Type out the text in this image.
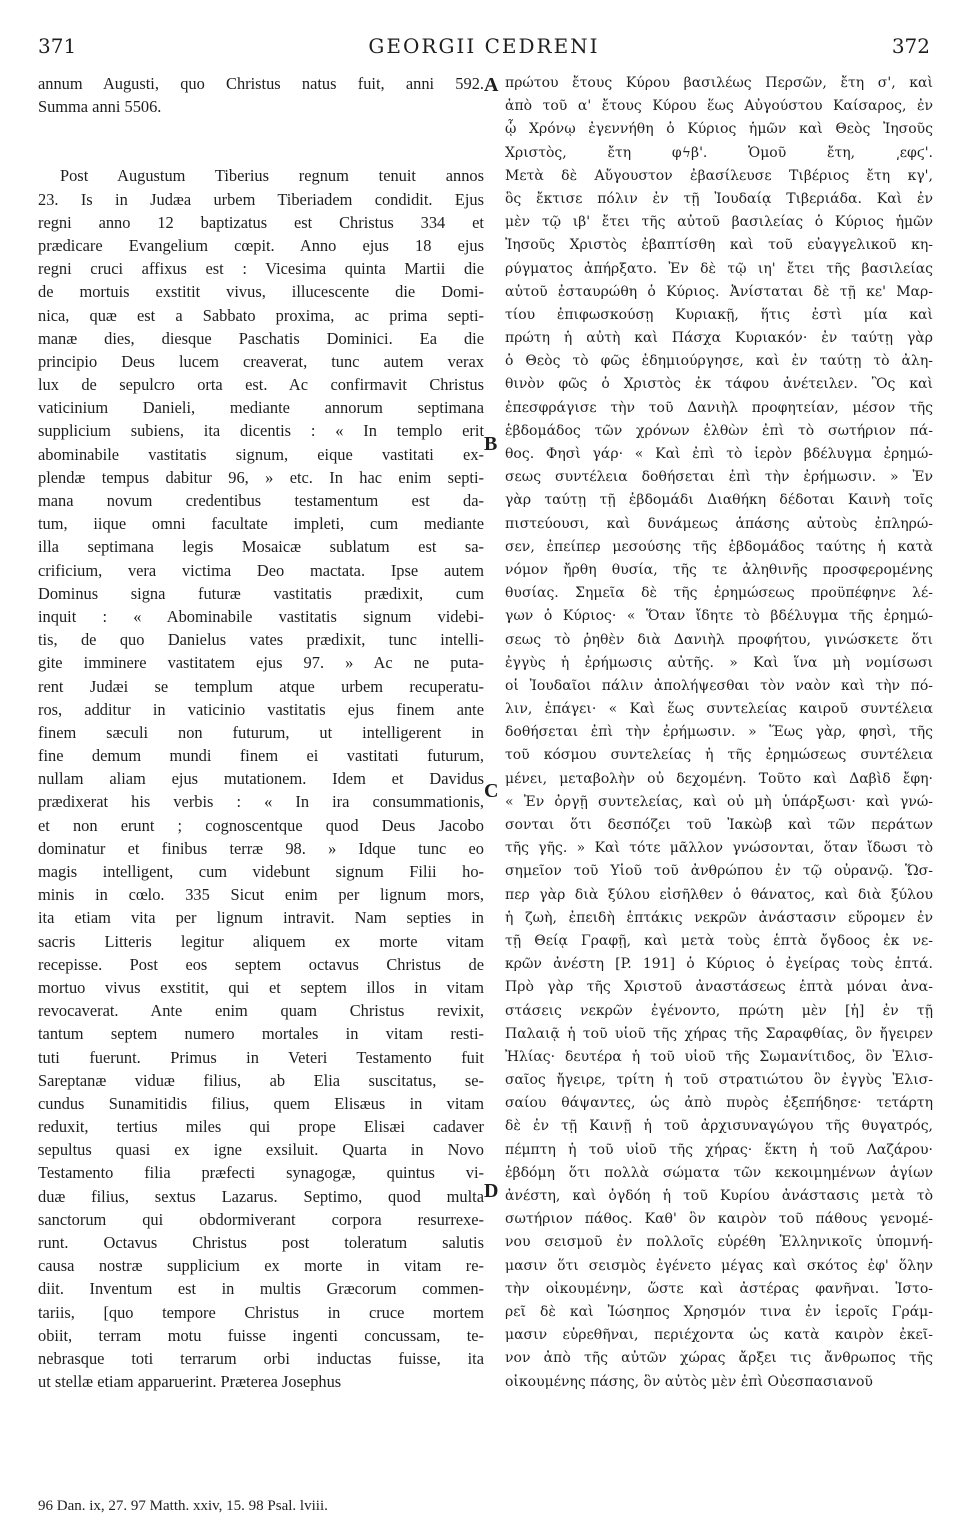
371	GEORGII CEDRENI	372
annum Augusti, quo Christus natus fuit, anni 592.
Summa anni 5506.
Post Augustum Tiberius regnum tenuit annos
23. Is in Judæa urbem Tiberiadem condidit. Ejus
regni anno 12 baptizatus est Christus 334 et
prædicare Evangelium cœpit. Anno ejus 18 ejus
regni cruci affixus est : Vicesima quinta Martii die
de mortuis exstitit vivus, illucescente die Domi-
nica, quæ est a Sabbato proxima, ac prima septi-
manæ dies, diesque Paschatis Dominici. Ea die
principio Deus lucem creaverat, tunc autem verax
lux de sepulcro orta est. Ac confirmavit Christus
vaticinium Danieli, mediante annorum septimana
supplicium subiens, ita dicentis : « In templo erit
abominabile vastitatis signum, eique vastitati ex-
plendæ tempus dabitur 96, » etc. In hac enim septi-
mana novum credentibus testamentum est da-
tum, iique omni facultate impleti, cum mediante
illa septimana legis Mosaicæ sublatum est sa-
crificium, vera victima Deo mactata. Ipse autem
Dominus signa futuræ vastitatis prædixit, cum
inquit : « Abominabile vastitatis signum videbi-
tis, de quo Danielus vates prædixit, tunc intelli-
gite imminere vastitatem ejus 97. » Ac ne puta-
rent Judæi se templum atque urbem recuperatu-
ros, additur in vaticinio vastitatis ejus finem ante
finem sæculi non futurum, ut intelligerent in
fine demum mundi finem ei vastitati futurum,
nullam aliam ejus mutationem. Idem et Davidus
prædixerat his verbis : « In ira consummationis,
et non erunt ; cognoscentque quod Deus Jacobo
dominatur et finibus terræ 98. » Idque tunc eo
magis intelligent, cum videbunt signum Filii ho-
minis in cœlo. 335 Sicut enim per lignum mors,
ita etiam vita per lignum intravit. Nam septies in
sacris Litteris legitur aliquem ex morte vitam
recepisse. Post eos septem octavus Christus de
mortuo vivus exstitit, qui et septem illos in vitam
revocaverat. Ante enim quam Christus revixit,
tantum septem numero mortales in vitam resti-
tuti fuerunt. Primus in Veteri Testamento fuit
Sareptanæ viduæ filius, ab Elia suscitatus, se-
cundus Sunamitidis filius, quem Elisæus in vitam
reduxit, tertius miles qui prope Elisæi cadaver
sepultus quasi ex igne exsiluit. Quarta in Novo
Testamento filia præfecti synagogæ, quintus vi-
duæ filius, sextus Lazarus. Septimo, quod multa
sanctorum qui obdormiverant corpora resurrexe-
runt. Octavus Christus post toleratum salutis
causa nostræ supplicium ex morte in vitam re-
diit. Inventum est in multis Græcorum commen-
tariis, [quo tempore Christus in cruce mortem
obiit, terram motu fuisse ingenti concussam, te-
nebrasque toti terrarum orbi inductas fuisse, ita
ut stellæ etiam apparuerint. Præterea Josephus
πρώτου ἔτους Κύρου βασιλέως Περσῶν, ἔτη σ', καὶ
ἀπὸ τοῦ α' ἔτους Κύρου ἕως Αὐγούστου Καίσαρος, ἐν
ᾧ Χρόνῳ ἐγεννήθη ὁ Κύριος ἡμῶν καὶ Θεὸς Ἰησοῦς
Χριστὸς, ἔτη φϟβ'. Ὁμοῦ ἔτη, ͵εφϛ'.
Μετὰ δὲ Αὔγουστον ἐβασίλευσε Τιβέριος ἔτη κγ',
ὃς ἔκτισε πόλιν ἐν τῇ Ἰουδαίᾳ Τιβεριάδα. Καὶ ἐν
μὲν τῷ ιβ' ἔτει τῆς αὐτοῦ βασιλείας ὁ Κύριος ἡμῶν
Ἰησοῦς Χριστὸς ἐβαπτίσθη καὶ τοῦ εὐαγγελικοῦ κη-
ρύγματος ἀπήρξατο. Ἐν δὲ τῷ ιη' ἔτει τῆς βασιλείας
αὐτοῦ ἐσταυρώθη ὁ Κύριος. Ἀνίσταται δὲ τῇ κε' Μαρ-
τίου ἐπιφωσκούσῃ Κυριακῇ, ἥτις ἐστὶ μία καὶ
πρώτη ἡ αὐτὴ καὶ Πάσχα Κυριακόν· ἐν ταύτῃ γὰρ
ὁ Θεὸς τὸ φῶς ἐδημιούργησε, καὶ ἐν ταύτῃ τὸ ἀλη-
θινὸν φῶς ὁ Χριστὸς ἐκ τάφου ἀνέτειλεν. Ὃς καὶ
ἐπεσφράγισε τὴν τοῦ Δανιὴλ προφητείαν, μέσον τῆς
ἑβδομάδος τῶν χρόνων ἐλθὼν ἐπὶ τὸ σωτήριον πά-
θος. Φησὶ γάρ· « Καὶ ἐπὶ τὸ ἱερὸν βδέλυγμα ἐρημώ-
σεως συντέλεια δοθήσεται ἐπὶ τὴν ἐρήμωσιν. » Ἐν
γὰρ ταύτῃ τῇ ἑβδομάδι Διαθήκη δέδοται Καινὴ τοῖς
πιστεύουσι, καὶ δυνάμεως ἁπάσης αὐτοὺς ἐπληρώ-
σεν, ἐπείπερ μεσούσης τῆς ἑβδομάδος ταύτης ἡ κατὰ
νόμον ἤρθη θυσία, τῆς τε ἀληθινῆς προσφερομένης
θυσίας. Σημεῖα δὲ τῆς ἐρημώσεως προϋπέφηνε λέ-
γων ὁ Κύριος· « Ὅταν ἴδητε τὸ βδέλυγμα τῆς ἐρημώ-
σεως τὸ ῥηθὲν διὰ Δανιὴλ προφήτου, γινώσκετε ὅτι
ἐγγὺς ἡ ἐρήμωσις αὐτῆς. » Καὶ ἵνα μὴ νομίσωσι
οἱ Ἰουδαῖοι πάλιν ἀπολήψεσθαι τὸν ναὸν καὶ τὴν πό-
λιν, ἐπάγει· « Καὶ ἕως συντελείας καιροῦ συντέλεια
δοθήσεται ἐπὶ τὴν ἐρήμωσιν. » Ἕως γὰρ, φησὶ, τῆς
τοῦ κόσμου συντελείας ἡ τῆς ἐρημώσεως συντέλεια
μένει, μεταβολὴν οὐ δεχομένη. Τοῦτο καὶ Δαβὶδ ἔφη·
« Ἐν ὀργῇ συντελείας, καὶ οὐ μὴ ὑπάρξωσι· καὶ γνώ-
σονται ὅτι δεσπόζει τοῦ Ἰακὼβ καὶ τῶν περάτων
τῆς γῆς. » Καὶ τότε μᾶλλον γνώσονται, ὅταν ἴδωσι τὸ
σημεῖον τοῦ Υἱοῦ τοῦ ἀνθρώπου ἐν τῷ οὐρανῷ. Ὥσ-
περ γὰρ διὰ ξύλου εἰσῆλθεν ὁ θάνατος, καὶ διὰ ξύλου
ἡ ζωὴ, ἐπειδὴ ἑπτάκις νεκρῶν ἀνάστασιν εὕρομεν ἐν
τῇ Θείᾳ Γραφῇ, καὶ μετὰ τοὺς ἑπτὰ ὄγδοος ἐκ νε-
κρῶν ἀνέστη [P. 191] ὁ Κύριος ὁ ἐγείρας τοὺς ἑπτά.
Πρὸ γὰρ τῆς Χριστοῦ ἀναστάσεως ἑπτὰ μόναι ἀνα-
στάσεις νεκρῶν ἐγένοντο, πρώτη μὲν [ἡ] ἐν τῇ
Παλαιᾷ ἡ τοῦ υἱοῦ τῆς χήρας τῆς Σαραφθίας, ὃν ἤγειρεν
Ἠλίας· δευτέρα ἡ τοῦ υἱοῦ τῆς Σωμανίτιδος, ὃν Ἐλισ-
σαῖος ἤγειρε, τρίτη ἡ τοῦ στρατιώτου ὃν ἐγγὺς Ἐλισ-
σαίου θάψαντες, ὡς ἀπὸ πυρὸς ἐξεπήδησε· τετάρτη
δὲ ἐν τῇ Καινῇ ἡ τοῦ ἀρχισυναγώγου τῆς θυγατρός,
πέμπτη ἡ τοῦ υἱοῦ τῆς χήρας· ἕκτη ἡ τοῦ Λαζάρου·
ἑβδόμη ὅτι πολλὰ σώματα τῶν κεκοιμημένων ἁγίων
ἀνέστη, καὶ ὀγδόη ἡ τοῦ Κυρίου ἀνάστασις μετὰ τὸ
σωτήριον πάθος. Καθ' ὃν καιρὸν τοῦ πάθους γενομέ-
νου σεισμοῦ ἐν πολλοῖς εὑρέθη Ἑλληνικοῖς ὑπομνή-
μασιν ὅτι σεισμὸς ἐγένετο μέγας καὶ σκότος ἐφ' ὅλην
τὴν οἰκουμένην, ὥστε καὶ ἀστέρας φανῆναι. Ἱστο-
ρεῖ δὲ καὶ Ἰώσηπος Χρησμόν τινα ἐν ἱεροῖς Γράμ-
μασιν εὑρεθῆναι, περιέχοντα ὡς κατὰ καιρὸν ἐκεῖ-
νον ἀπὸ τῆς αὐτῶν χώρας ἄρξει τις ἄνθρωπος τῆς
οἰκουμένης πάσης, ὃν αὐτὸς μὲν ἐπὶ Οὐεσπασιανοῦ
A
B
C
D
96 Dan. ix, 27. 97 Matth. xxiv, 15. 98 Psal. lviii.
